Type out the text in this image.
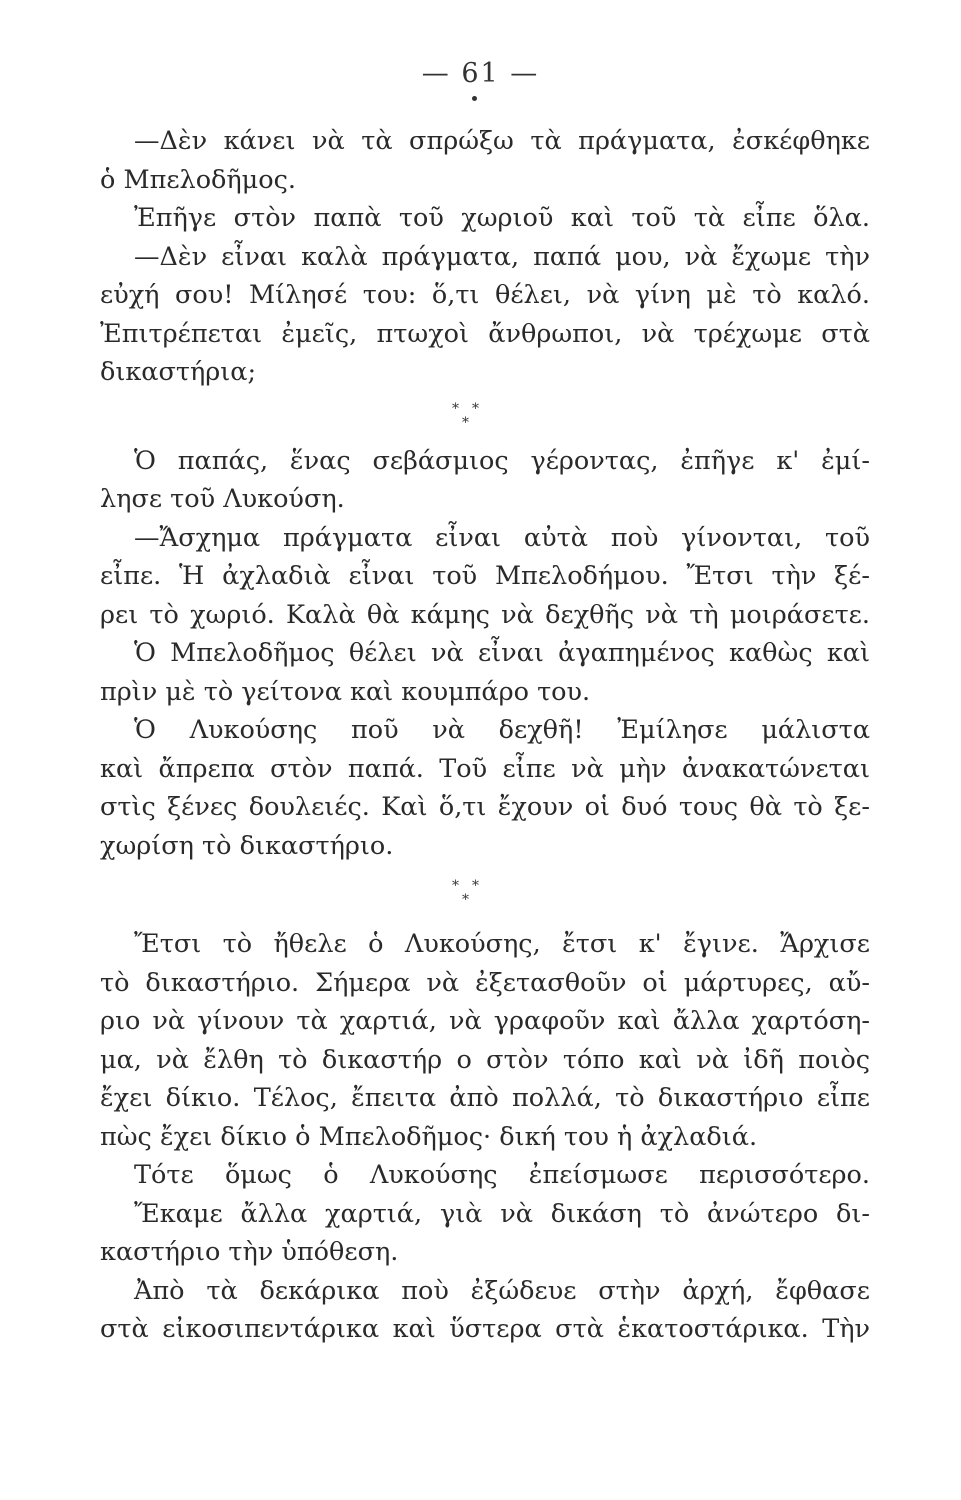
— 61 —
—Δὲν κάνει νὰ τὰ σπρώξω τὰ πράγματα, ἐσκέφθηκε
ὁ Μπελοδῆμος.
Ἐπῆγε στὸν παπὰ τοῦ χωριοῦ καὶ τοῦ τὰ εἶπε ὅλα.
—Δὲν εἶναι καλὰ πράγματα, παπά μου, νὰ ἔχωμε τὴν
εὐχή σου! Μίλησέ του: ὅ,τι θέλει, νὰ γίνη μὲ τὸ καλό.
Ἐπιτρέπεται ἐμεῖς, πτωχοὶ ἄνθρωποι, νὰ τρέχωμε στὰ
δικαστήρια;
* *
*
Ὁ παπάς, ἕνας σεβάσμιος γέροντας, ἐπῆγε κ' ἐμί-
λησε τοῦ Λυκούση.
—Ἄσχημα πράγματα εἶναι αὐτὰ ποὺ γίνονται, τοῦ
εἶπε. Ἡ ἀχλαδιὰ εἶναι τοῦ Μπελοδήμου. Ἔτσι τὴν ξέ-
ρει τὸ χωριό. Καλὰ θὰ κάμης νὰ δεχθῆς νὰ τὴ μοιράσετε.
Ὁ Μπελοδῆμος θέλει νὰ εἶναι ἀγαπημένος καθὼς καὶ
πρὶν μὲ τὸ γείτονα καὶ κουμπάρο του.
Ὁ Λυκούσης ποῦ νὰ δεχθῆ! Ἐμίλησε μάλιστα
καὶ ἄπρεπα στὸν παπά. Τοῦ εἶπε νὰ μὴν ἀνακατώνεται
στὶς ξένες δουλειές. Καὶ ὅ,τι ἔχουν οἱ δυό τους θὰ τὸ ξε-
χωρίση τὸ δικαστήριο.
* *
*
Ἔτσι τὸ ἤθελε ὁ Λυκούσης, ἔτσι κ' ἔγινε. Ἄρχισε
τὸ δικαστήριο. Σήμερα νὰ ἐξετασθοῦν οἱ μάρτυρες, αὔ-
ριο νὰ γίνουν τὰ χαρτιά, νὰ γραφοῦν καὶ ἄλλα χαρτόση-
μα, νὰ ἔλθη τὸ δικαστήρ ο στὸν τόπο καὶ νὰ ἰδῆ ποιὸς
ἔχει δίκιο. Τέλος, ἔπειτα ἀπὸ πολλά, τὸ δικαστήριο εἶπε
πὼς ἔχει δίκιο ὁ Μπελοδῆμος· δική του ἡ ἀχλαδιά.
Τότε ὅμως ὁ Λυκούσης ἐπείσμωσε περισσότερο.
Ἔκαμε ἄλλα χαρτιά, γιὰ νὰ δικάση τὸ ἀνώτερο δι-
καστήριο τὴν ὑπόθεση.
Ἀπὸ τὰ δεκάρικα ποὺ ἐξώδευε στὴν ἀρχή, ἔφθασε
στὰ εἰκοσιπεντάρικα καὶ ὕστερα στὰ ἑκατοστάρικα. Τὴν
